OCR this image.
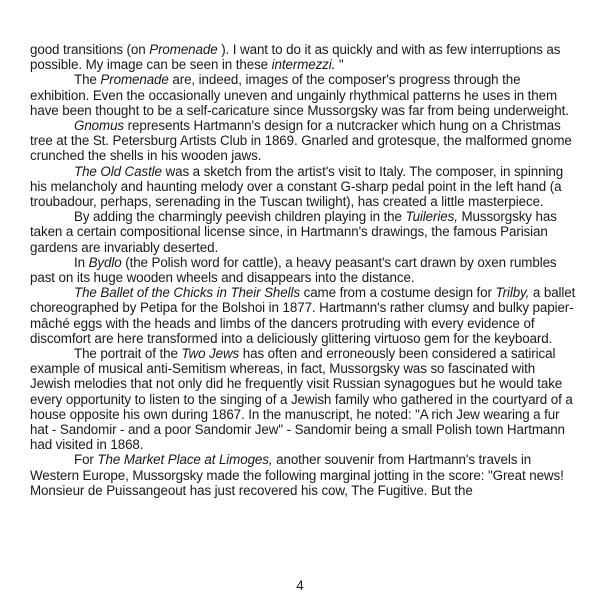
good transitions (on Promenade ). I want to do it as quickly and with as few interruptions as possible. My image can be seen in these intermezzi. "

The Promenade are, indeed, images of the composer's progress through the exhibition. Even the occasionally uneven and ungainly rhythmical patterns he uses in them have been thought to be a self-caricature since Mussorgsky was far from being underweight.

Gnomus represents Hartmann's design for a nutcracker which hung on a Christmas tree at the St. Petersburg Artists Club in 1869. Gnarled and grotesque, the malformed gnome crunched the shells in his wooden jaws.

The Old Castle was a sketch from the artist's visit to Italy. The composer, in spinning his melancholy and haunting melody over a constant G-sharp pedal point in the left hand (a troubadour, perhaps, serenading in the Tuscan twilight), has created a little masterpiece.

By adding the charmingly peevish children playing in the Tuileries, Mussorgsky has taken a certain compositional license since, in Hartmann's drawings, the famous Parisian gardens are invariably deserted.

In Bydlo (the Polish word for cattle), a heavy peasant's cart drawn by oxen rumbles past on its huge wooden wheels and disappears into the distance.

The Ballet of the Chicks in Their Shells came from a costume design for Trilby, a ballet choreographed by Petipa for the Bolshoi in 1877. Hartmann's rather clumsy and bulky papier-mâché eggs with the heads and limbs of the dancers protruding with every evidence of discomfort are here transformed into a deliciously glittering virtuoso gem for the keyboard.

The portrait of the Two Jews has often and erroneously been considered a satirical example of musical anti-Semitism whereas, in fact, Mussorgsky was so fascinated with Jewish melodies that not only did he frequently visit Russian synagogues but he would take every opportunity to listen to the singing of a Jewish family who gathered in the courtyard of a house opposite his own during 1867. In the manuscript, he noted: "A rich Jew wearing a fur hat - Sandomir - and a poor Sandomir Jew" - Sandomir being a small Polish town Hartmann had visited in 1868.

For The Market Place at Limoges, another souvenir from Hartmann's travels in Western Europe, Mussorgsky made the following marginal jotting in the score: "Great news! Monsieur de Puissangeout has just recovered his cow, The Fugitive. But the

4
